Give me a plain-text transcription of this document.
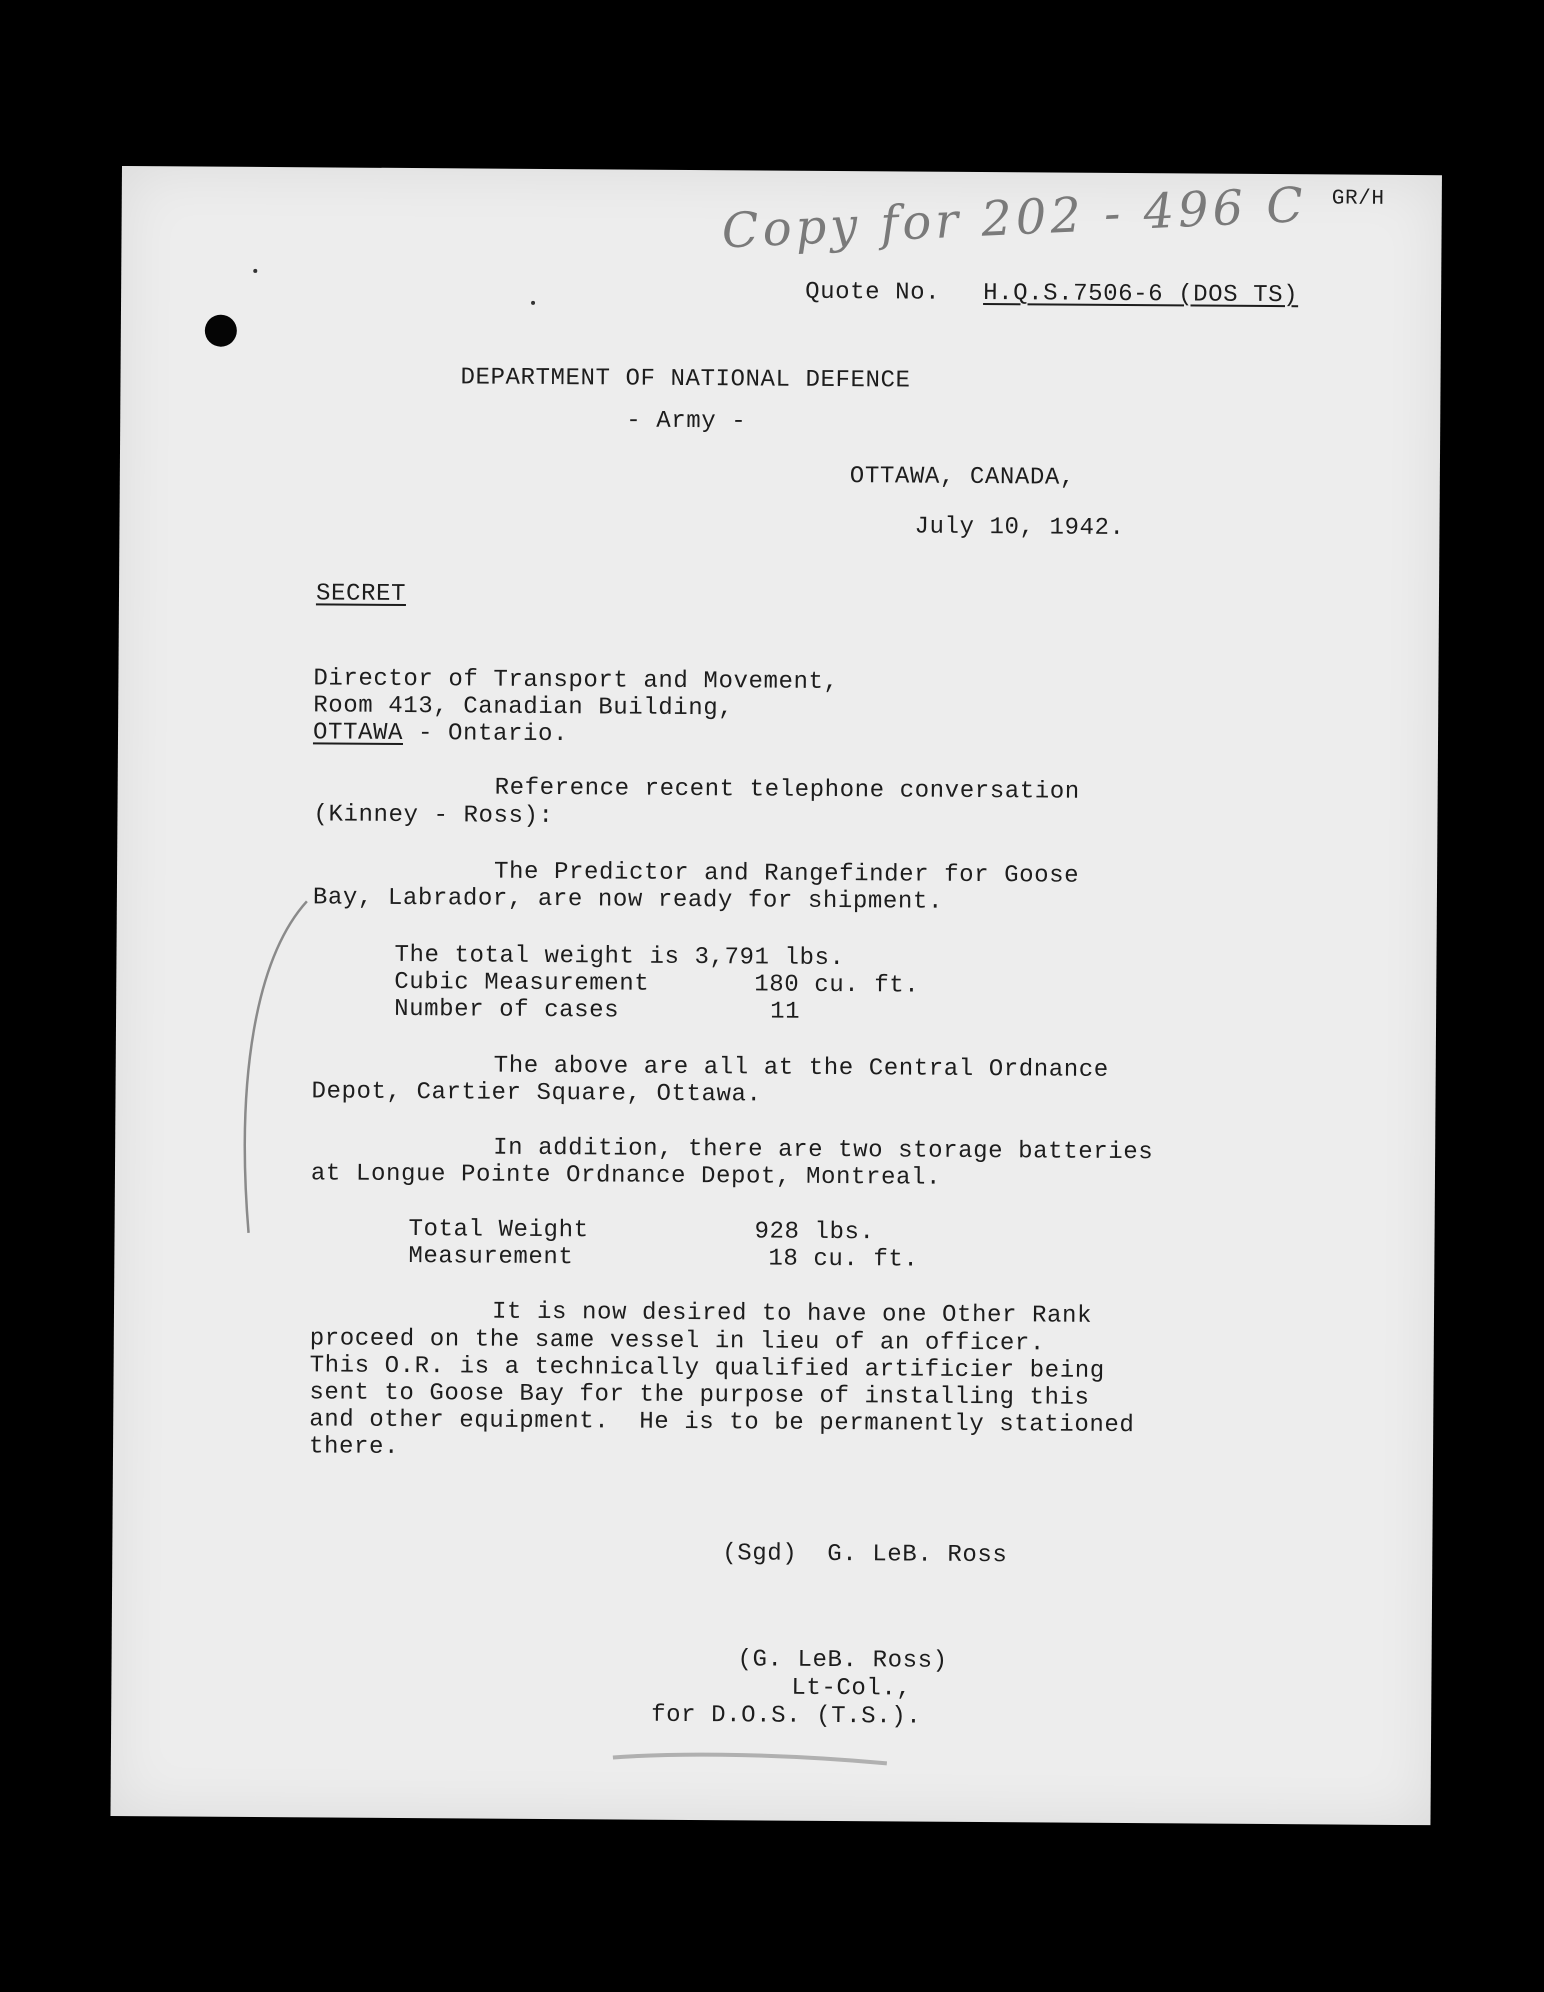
Copy for 202 - 496 C GR/H
Quote No. H.Q.S.7506-6 (DOS TS)
DEPARTMENT OF NATIONAL DEFENCE
- Army -
OTTAWA, CANADA,
July 10, 1942.
SECRET
Director of Transport and Movement,
Room 413, Canadian Building,
OTTAWA - Ontario.
Reference recent telephone conversation
(Kinney - Ross):
The Predictor and Rangefinder for Goose
Bay, Labrador, are now ready for shipment.
The total weight is 3,791 lbs.
Cubic Measurement	180 cu. ft.
Number of cases	11
The above are all at the Central Ordnance
Depot, Cartier Square, Ottawa.
In addition, there are two storage batteries
at Longue Pointe Ordnance Depot, Montreal.
Total Weight	928 lbs.
Measurement	18 cu. ft.
It is now desired to have one Other Rank
proceed on the same vessel in lieu of an officer.
This O.R. is a technically qualified artificier being
sent to Goose Bay for the purpose of installing this
and other equipment.  He is to be permanently stationed
there.
(Sgd)  G. LeB. Ross
(G. LeB. Ross)
Lt-Col.,
for D.O.S. (T.S.).
